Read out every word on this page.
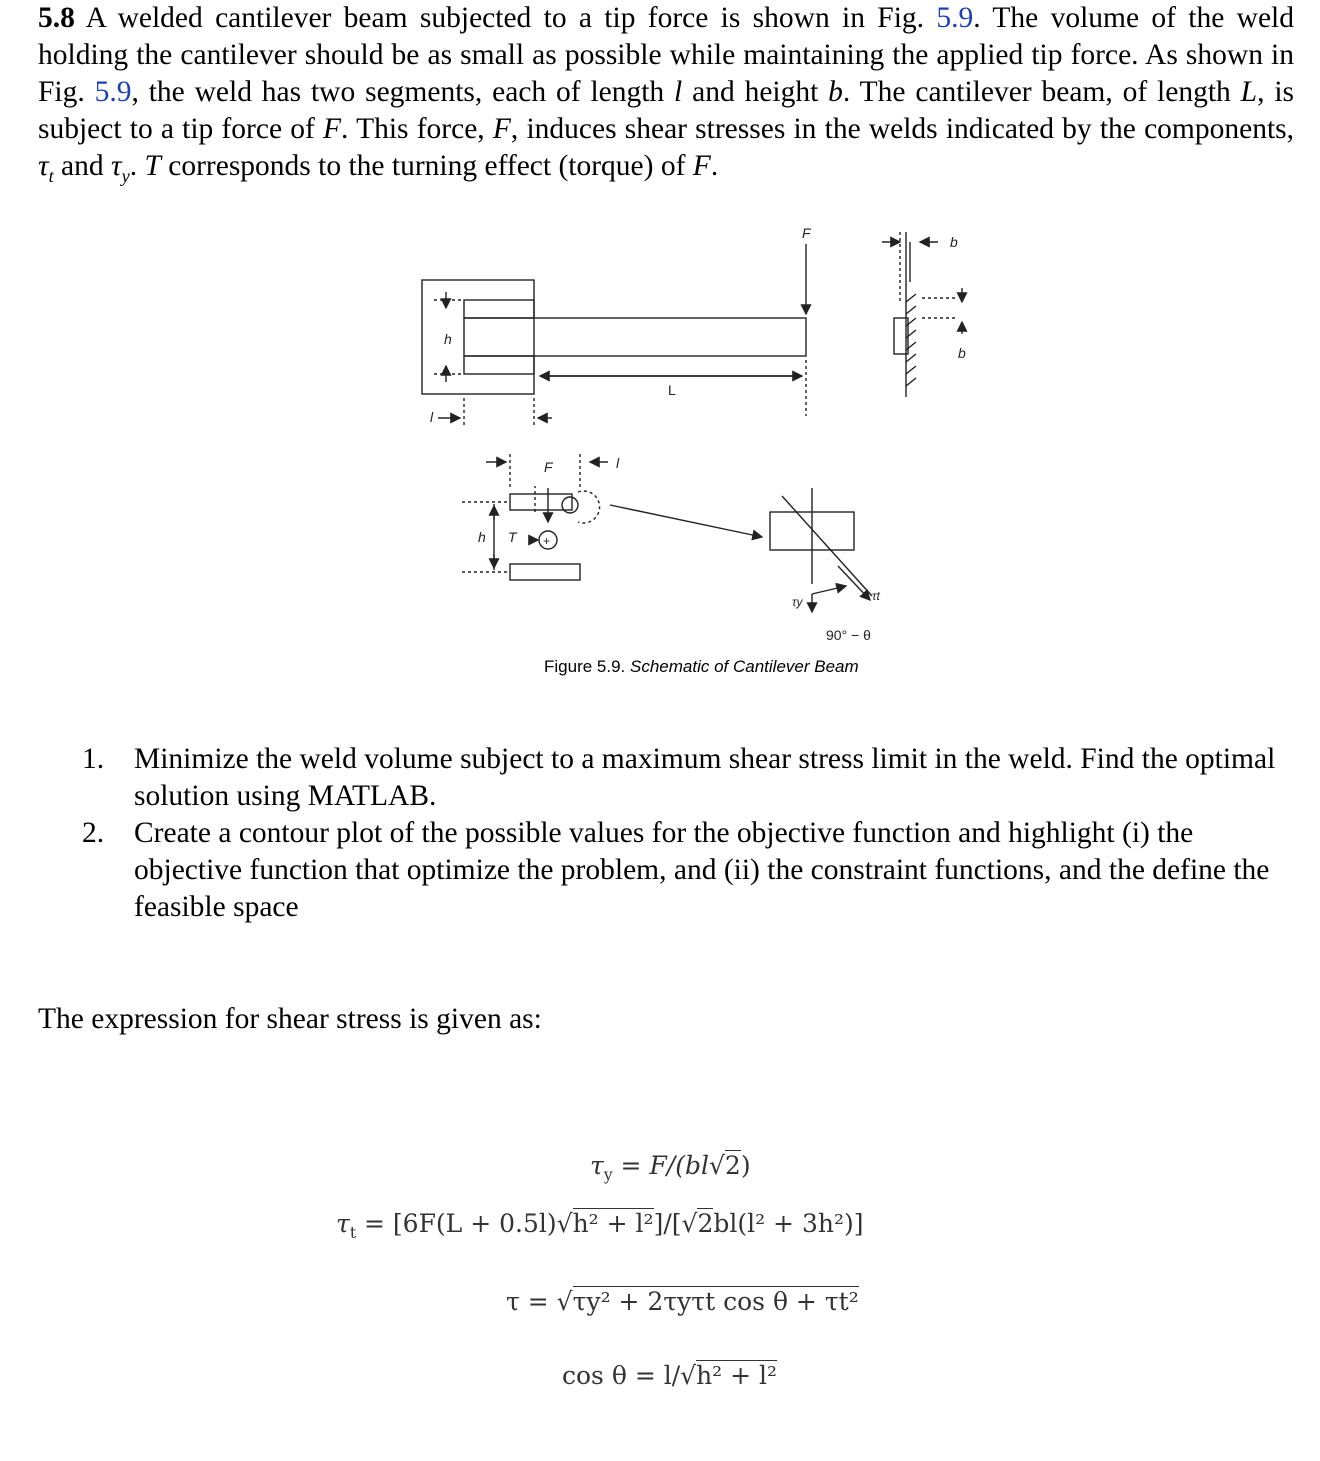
5.8 A welded cantilever beam subjected to a tip force is shown in Fig. 5.9. The volume of the weld holding the cantilever should be as small as possible while maintaining the applied tip force. As shown in Fig. 5.9, the weld has two segments, each of length l and height b. The cantilever beam, of length L, is subject to a tip force of F. This force, F, induces shear stresses in the welds indicated by the components, $\tau_t$ and $\tau_y$. T corresponds to the turning effect (torque) of F.

F
b
b
h
L
l
F	l
h T +
τy	τt
90° − θ
Figure 5.9. Schematic of Cantilever Beam
1. Minimize the weld volume subject to a maximum shear stress limit in the weld. Find the optimal solution using MATLAB.
2. Create a contour plot of the possible values for the objective function and highlight (i) the objective function that optimize the problem, and (ii) the constraint functions, and the define the feasible space

The expression for shear stress is given as:

$\tau_y = F/(bl√2)$
$\tau_t = [6F(L + 0.5l)√h^2 + l^2]/[√2bl(l^2 + 3h^2)]$
τ = √τy² + 2τyτt cos θ + τt²
cos θ = l/√h² + l²
